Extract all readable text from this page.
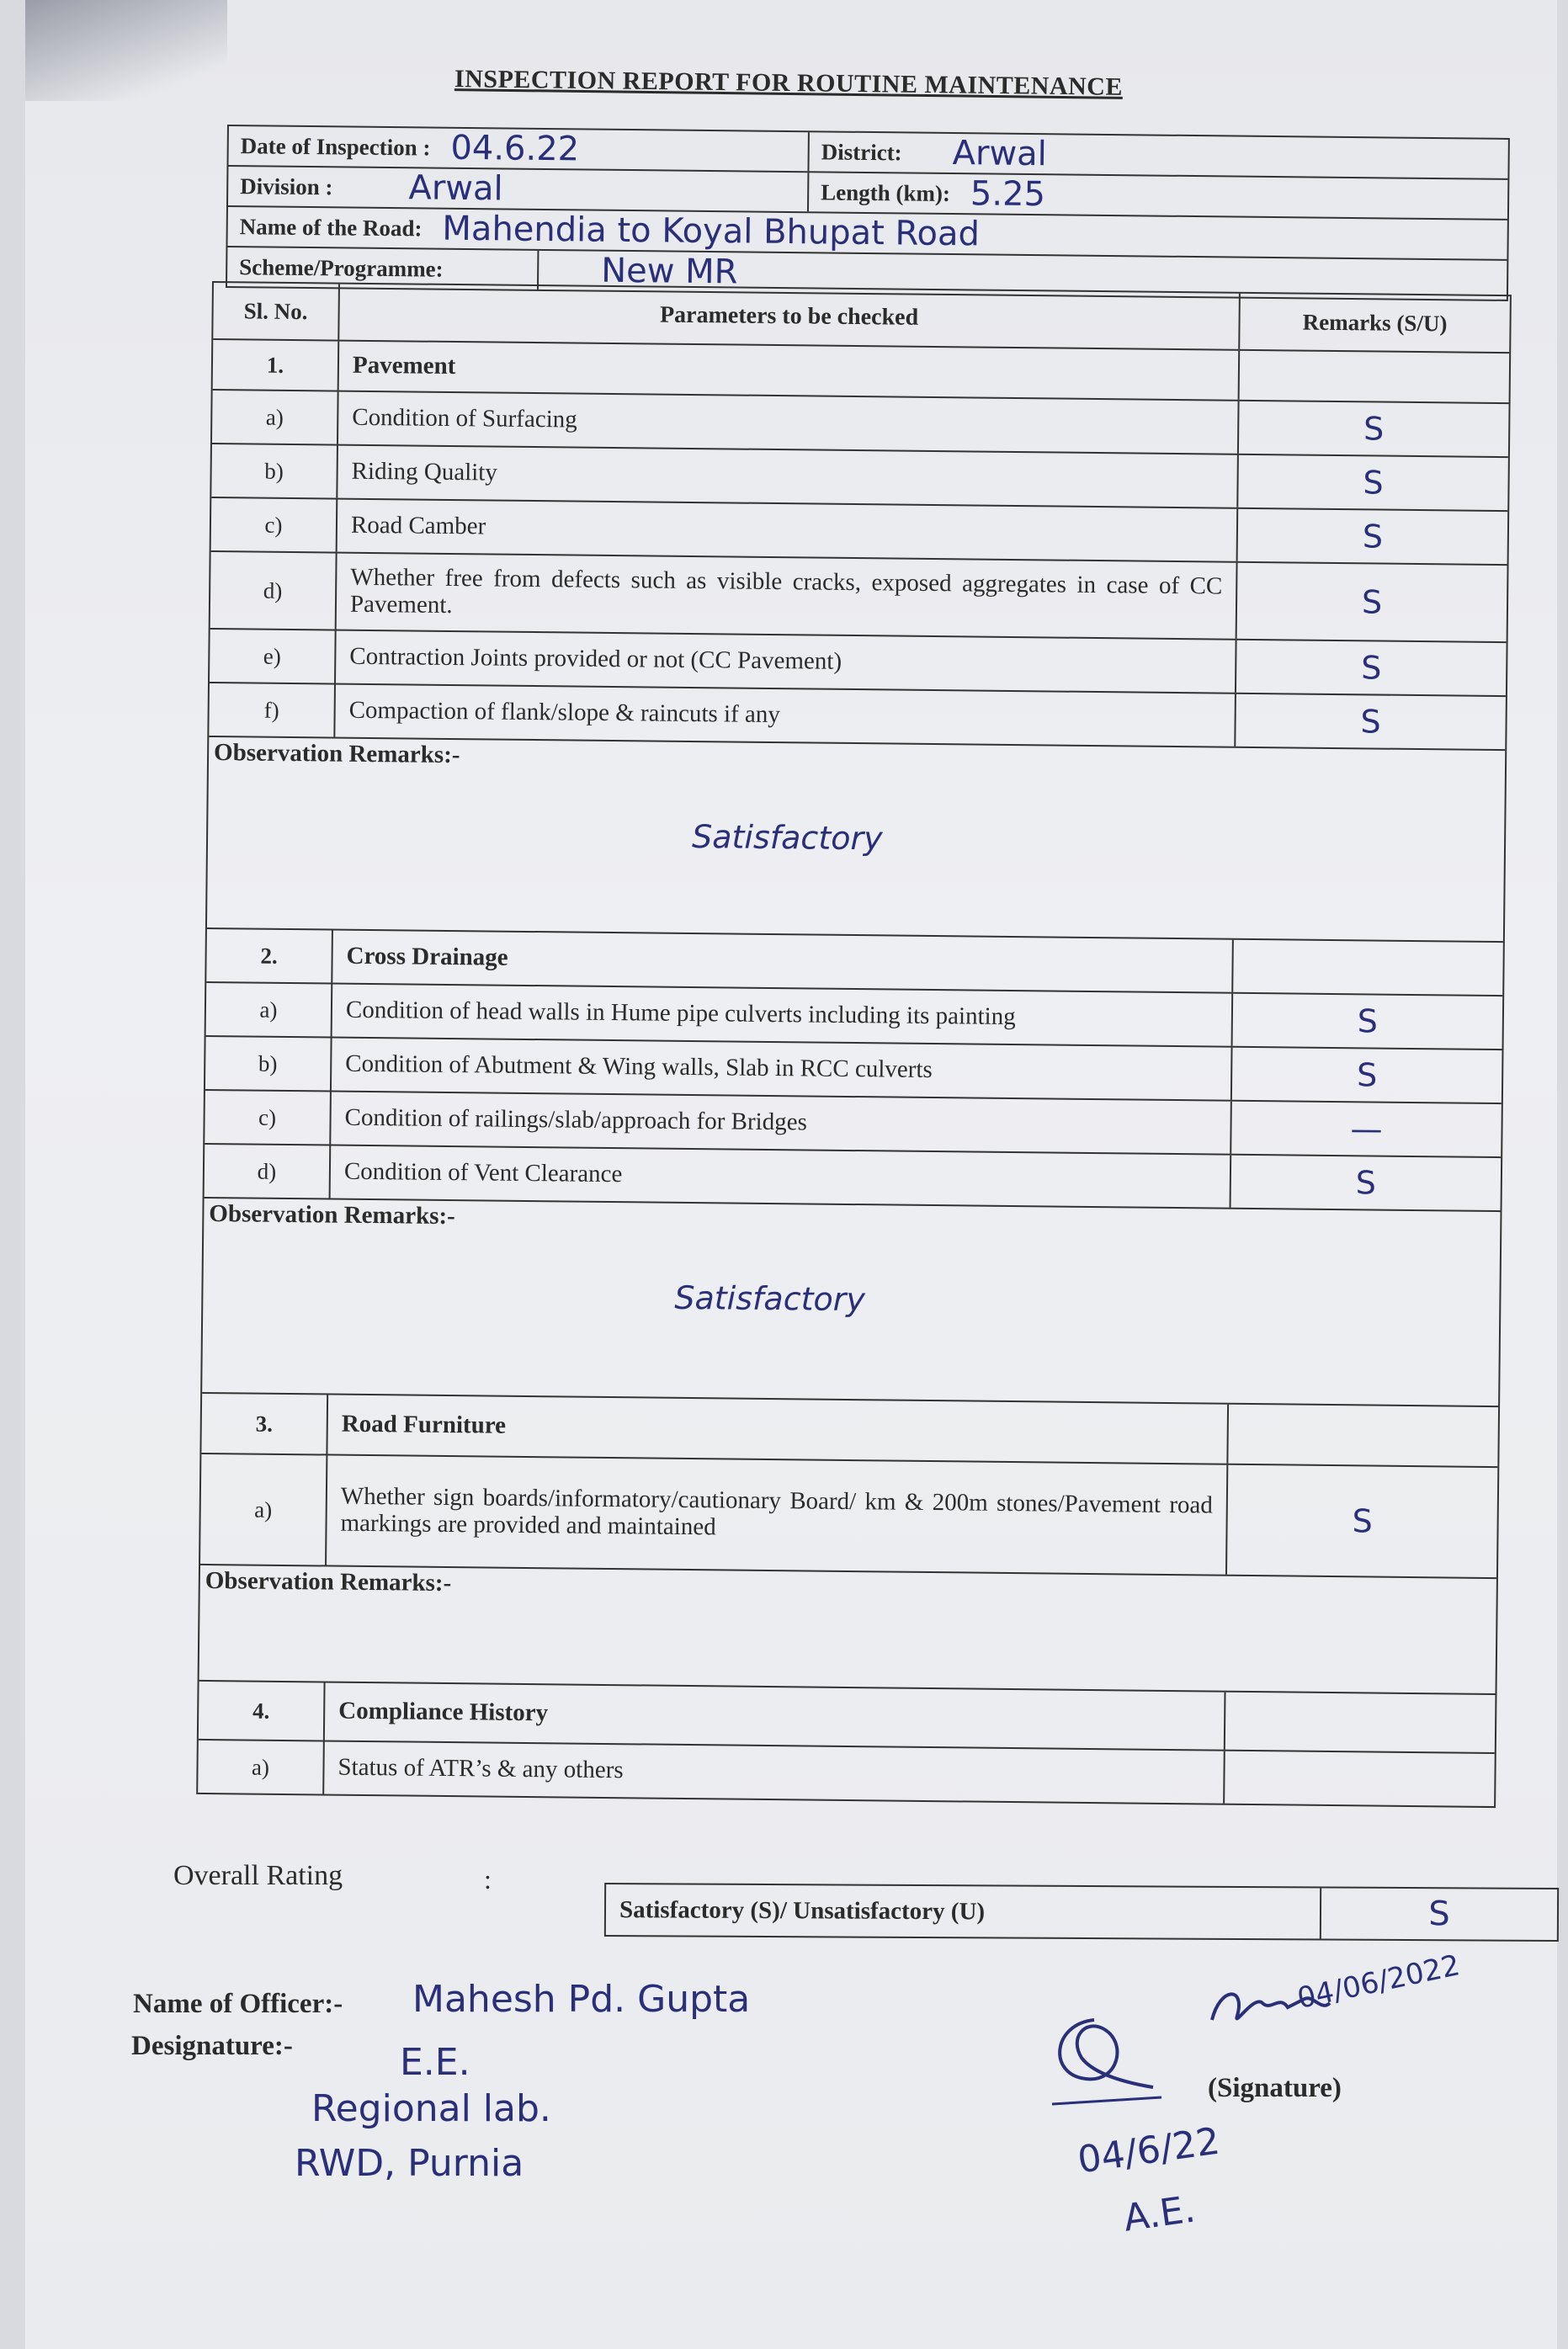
INSPECTION REPORT FOR ROUTINE MAINTENANCE
Date of Inspection : 04.6.22	District: Arwal
Division : Arwal	Length (km): 5.25
Name of the Road: Mahendia to Koyal Bhupat Road
Scheme/Programme:	New MR
Sl. No.	Parameters to be checked	Remarks (S/U)
1.	Pavement
a)	Condition of Surfacing	S
b)	Riding Quality	S
c)	Road Camber	S
d)	Whether free from defects such as visible cracks, exposed aggregates in case of CC Pavement.	S
e)	Contraction Joints provided or not (CC Pavement)	S
f)	Compaction of flank/slope & raincuts if any	S
Observation Remarks:-
Satisfactory
2.	Cross Drainage
a)	Condition of head walls in Hume pipe culverts including its painting	S
b)	Condition of Abutment & Wing walls, Slab in RCC culverts	S
c)	Condition of railings/slab/approach for Bridges	—
d)	Condition of Vent Clearance	S
Observation Remarks:-
Satisfactory
3.	Road Furniture
a)	Whether sign boards/informatory/cautionary Board/ km & 200m stones/Pavement road markings are provided and maintained	S
Observation Remarks:-
4.	Compliance History
a)	Status of ATR’s & any others
Overall Rating	:
Satisfactory (S)/ Unsatisfactory (U)	S
Name of Officer:- Mahesh Pd. Gupta
Designature:-	E.E.
Regional lab.
RWD, Purnia
04/06/2022
(Signature)
04/6/22
A.E.
